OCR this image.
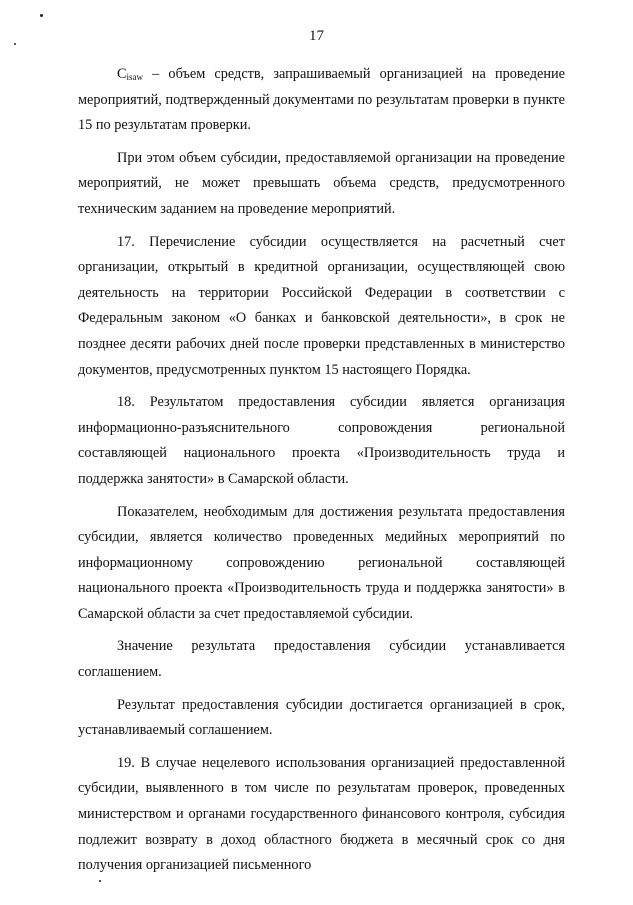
17

$C_{isaw}$ – объем средств, запрашиваемый организацией на проведение мероприятий, подтвержденный документами по результатам проверки в пункте 15 по результатам проверки.

При этом объем субсидии, предоставляемой организации на проведение мероприятий, не может превышать объема средств, предусмотренного техническим заданием на проведение мероприятий.

17. Перечисление субсидии осуществляется на расчетный счет организации, открытый в кредитной организации, осуществляющей свою деятельность на территории Российской Федерации в соответствии с Федеральным законом «О банках и банковской деятельности», в срок не позднее десяти рабочих дней после проверки представленных в министерство документов, предусмотренных пунктом 15 настоящего Порядка.

18. Результатом предоставления субсидии является организация информационно-разъяснительного сопровождения региональной составляющей национального проекта «Производительность труда и поддержка занятости» в Самарской области.

Показателем, необходимым для достижения результата предоставления субсидии, является количество проведенных медийных мероприятий по информационному сопровождению региональной составляющей национального проекта «Производительность труда и поддержка занятости» в Самарской области за счет предоставляемой субсидии.

Значение результата предоставления субсидии устанавливается соглашением.

Результат предоставления субсидии достигается организацией в срок, устанавливаемый соглашением.

19. В случае нецелевого использования организацией предоставленной субсидии, выявленного в том числе по результатам проверок, проведенных министерством и органами государственного финансового контроля, субсидия подлежит возврату в доход областного бюджета в месячный срок со дня получения организацией письменного
